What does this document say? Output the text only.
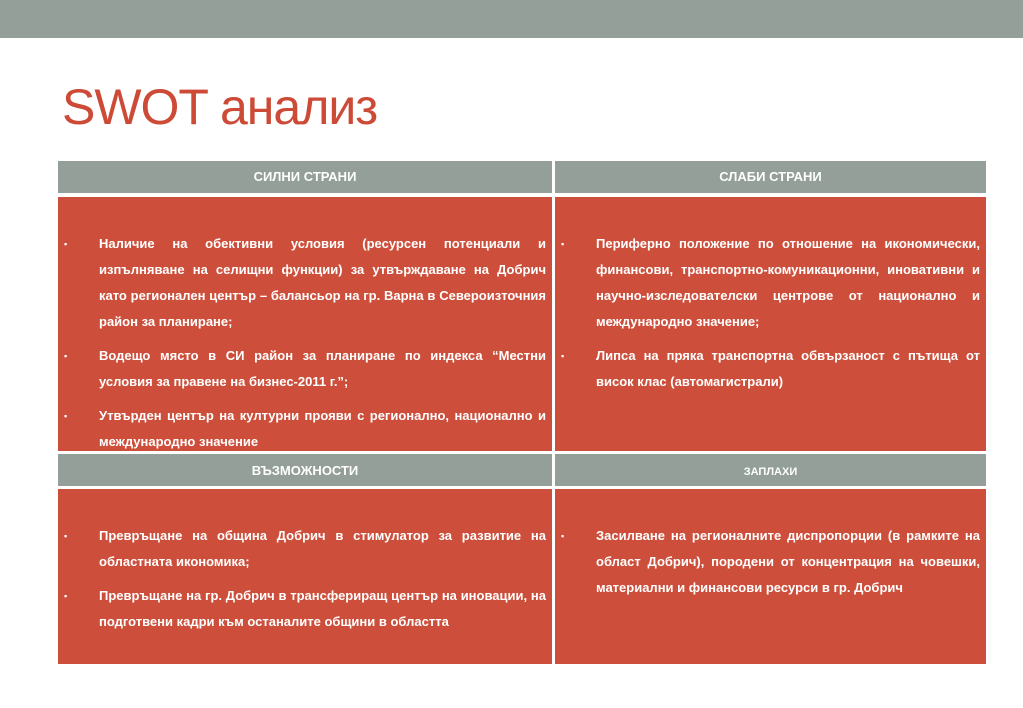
SWOT анализ
СИЛНИ СТРАНИ	СЛАБИ СТРАНИ
▪ Наличие на обективни условия (ресурсен потенциали и изпълняване на селищни функции) за утвърждаване на Добрич като регионален център – балансьор на гр. Варна в Североизточния район за планиране;
▪ Водещо място в СИ район за планиране по индекса “Местни условия за правене на бизнес-2011 г.”;
▪ Утвърден център на културни прояви с регионално, национално и международно значение
▪ Периферно положение по отношение на икономически, финансови, транспортно-комуникационни, иновативни и научно-изследователски центрове от национално и международно значение;
▪ Липса на пряка транспортна обвързаност с пътища от висок клас (автомагистрали)
ВЪЗМОЖНОСТИ	ЗАПЛАХИ
▪ Превръщане на община Добрич в стимулатор за развитие на областната икономика;
▪ Превръщане на гр. Добрич в трансфериращ център на иновации, на подготвени кадри към останалите общини в областта
▪ Засилване на регионалните диспропорции (в рамките на област Добрич), породени от концентрация на човешки, материални и финансови ресурси в гр. Добрич
